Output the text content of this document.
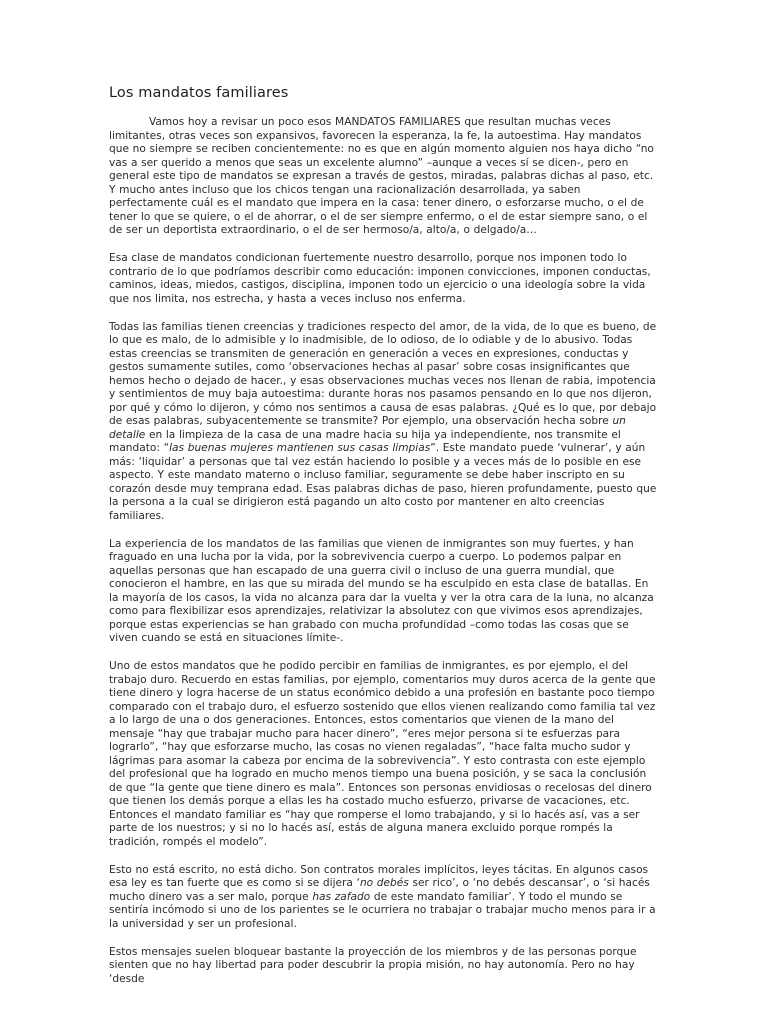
Los mandatos familiares

Vamos hoy a revisar un poco esos MANDATOS FAMILIARES que resultan muchas veces limitantes, otras veces son expansivos, favorecen la esperanza, la fe, la autoestima. Hay mandatos que no siempre se reciben concientemente: no es que en algún momento alguien nos haya dicho “no vas a ser querido a menos que seas un excelente alumno” –aunque a veces sí se dicen-, pero en general este tipo de mandatos se expresan a través de gestos, miradas, palabras dichas al paso, etc. Y mucho antes incluso que los chicos tengan una racionalización desarrollada, ya saben perfectamente cuál es el mandato que impera en la casa: tener dinero, o esforzarse mucho, o el de tener lo que se quiere, o el de ahorrar, o el de ser siempre enfermo, o el de estar siempre sano, o el de ser un deportista extraordinario, o el de ser hermoso/a, alto/a, o delgado/a…

Esa clase de mandatos condicionan fuertemente nuestro desarrollo, porque nos imponen todo lo contrario de lo que podríamos describir como educación: imponen convicciones, imponen conductas, caminos, ideas, miedos, castigos, disciplina, imponen todo un ejercicio o una ideología sobre la vida que nos limita, nos estrecha, y hasta a veces incluso nos enferma.

Todas las familias tienen creencias y tradiciones respecto del amor, de la vida, de lo que es bueno, de lo que es malo, de lo admisible y lo inadmisible, de lo odioso, de lo odiable y de lo abusivo. Todas estas creencias se transmiten de generación en generación a veces en expresiones, conductas y gestos sumamente sutiles, como ‘observaciones hechas al pasar’ sobre cosas insignificantes que hemos hecho o dejado de hacer., y esas observaciones muchas veces nos llenan de rabia, impotencia y sentimientos de muy baja autoestima: durante horas nos pasamos pensando en lo que nos dijeron, por qué y cómo lo dijeron, y cómo nos sentimos a causa de esas palabras. ¿Qué es lo que, por debajo de esas palabras, subyacentemente se transmite? Por ejemplo, una observación hecha sobre un detalle en la limpieza de la casa de una madre hacia su hija ya independiente, nos transmite el mandato: “las buenas mujeres mantienen sus casas limpias”. Este mandato puede ‘vulnerar’, y aún más: ‘liquidar’ a personas que tal vez están haciendo lo posible y a veces más de lo posible en ese aspecto. Y este mandato materno o incluso familiar, seguramente se debe haber inscripto en su corazón desde muy temprana edad. Esas palabras dichas de paso, hieren profundamente, puesto que la persona a la cual se dirigieron está pagando un alto costo por mantener en alto creencias familiares.

La experiencia de los mandatos de las familias que vienen de inmigrantes son muy fuertes, y han fraguado en una lucha por la vida, por la sobrevivencia cuerpo a cuerpo. Lo podemos palpar en aquellas personas que han escapado de una guerra civil o incluso de una guerra mundial, que conocieron el hambre, en las que su mirada del mundo se ha esculpido en esta clase de batallas. En la mayoría de los casos, la vida no alcanza para dar la vuelta y ver la otra cara de la luna, no alcanza como para flexibilizar esos aprendizajes, relativizar la absolutez con que vivimos esos aprendizajes, porque estas experiencias se han grabado con mucha profundidad –como todas las cosas que se viven cuando se está en situaciones límite-.

Uno de estos mandatos que he podido percibir en familias de inmigrantes, es por ejemplo, el del trabajo duro. Recuerdo en estas familias, por ejemplo, comentarios muy duros acerca de la gente que tiene dinero y logra hacerse de un status económico debido a una profesión en bastante poco tiempo comparado con el trabajo duro, el esfuerzo sostenido que ellos vienen realizando como familia tal vez a lo largo de una o dos generaciones. Entonces, estos comentarios que vienen de la mano del mensaje “hay que trabajar mucho para hacer dinero”, “eres mejor persona si te esfuerzas para lograrlo”, “hay que esforzarse mucho, las cosas no vienen regaladas”, “hace falta mucho sudor y lágrimas para asomar la cabeza por encima de la sobrevivencia”. Y esto contrasta con este ejemplo del profesional que ha logrado en mucho menos tiempo una buena posición, y se saca la conclusión de que “la gente que tiene dinero es mala”. Entonces son personas envidiosas o recelosas del dinero que tienen los demás porque a ellas les ha costado mucho esfuerzo, privarse de vacaciones, etc. Entonces el mandato familiar es “hay que romperse el lomo trabajando, y si lo hacés así, vas a ser parte de los nuestros; y si no lo hacés así, estás de alguna manera excluido porque rompés la tradición, rompés el modelo”.

Esto no está escrito, no está dicho. Son contratos morales implícitos, leyes tácitas. En algunos casos esa ley es tan fuerte que es como si se dijera ‘no debés ser rico’, o ‘no debés descansar’, o ‘si hacés mucho dinero vas a ser malo, porque has zafado de este mandato familiar’. Y todo el mundo se sentiría incómodo si uno de los parientes se le ocurriera no trabajar o trabajar mucho menos para ir a la universidad y ser un profesional.

Estos mensajes suelen bloquear bastante la proyección de los miembros y de las personas porque sienten que no hay libertad para poder descubrir la propia misión, no hay autonomía. Pero no hay ‘desde
